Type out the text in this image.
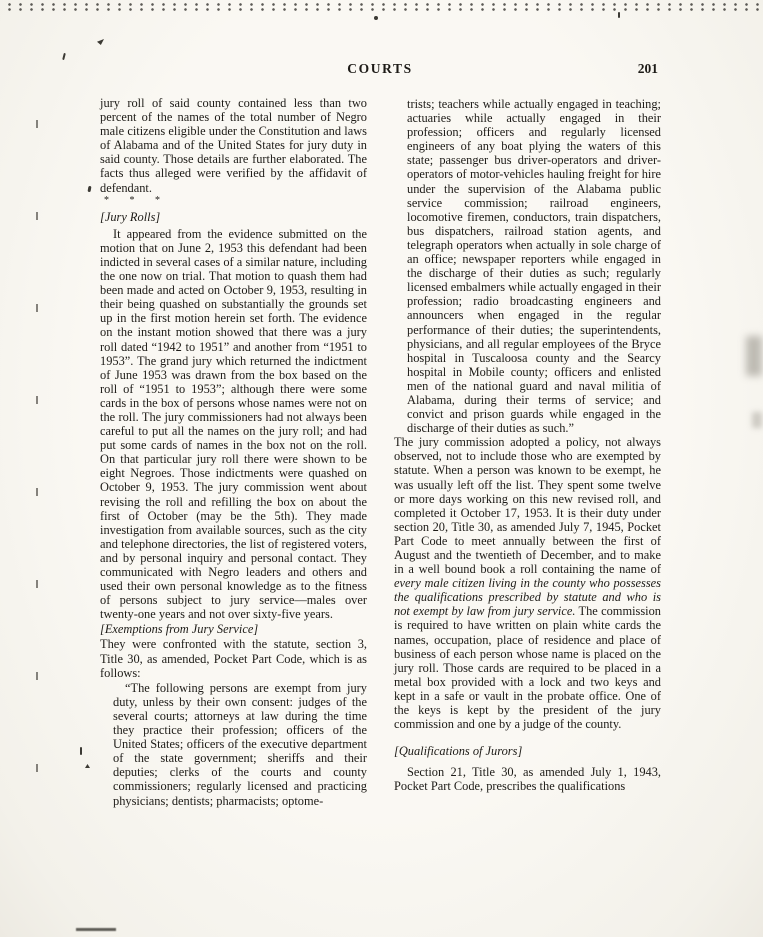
COURTS	201

jury roll of said county contained less than two percent of the names of the total number of Negro male citizens eligible under the Constitution and laws of Alabama and of the United States for jury duty in said county. Those details are further elaborated. The facts thus alleged were verified by the affidavit of defendant.

* * *

[Jury Rolls]

It appeared from the evidence submitted on the motion that on June 2, 1953 this defendant had been indicted in several cases of a similar nature, including the one now on trial. That motion to quash them had been made and acted on October 9, 1953, resulting in their being quashed on substantially the grounds set up in the first motion herein set forth. The evidence on the instant motion showed that there was a jury roll dated “1942 to 1951” and another from “1951 to 1953”. The grand jury which returned the indictment of June 1953 was drawn from the box based on the roll of “1951 to 1953”; although there were some cards in the box of persons whose names were not on the roll. The jury commissioners had not always been careful to put all the names on the jury roll; and had put some cards of names in the box not on the roll. On that particular jury roll there were shown to be eight Negroes. Those indictments were quashed on October 9, 1953. The jury commission went about revising the roll and refilling the box on about the first of October (may be the 5th). They made investigation from available sources, such as the city and telephone directories, the list of registered voters, and by personal inquiry and personal contact. They communicated with Negro leaders and others and used their own personal knowledge as to the fitness of persons subject to jury service—males over twenty-one years and not over sixty-five years.

[Exemptions from Jury Service]

They were confronted with the statute, section 3, Title 30, as amended, Pocket Part Code, which is as follows:

“The following persons are exempt from jury duty, unless by their own consent: judges of the several courts; attorneys at law during the time they practice their profession; officers of the United States; officers of the executive department of the state government; sheriffs and their deputies; clerks of the courts and county commissioners; regularly licensed and practicing physicians; dentists; pharmacists; optome-

trists; teachers while actually engaged in teaching; actuaries while actually engaged in their profession; officers and regularly licensed engineers of any boat plying the waters of this state; passenger bus driver-operators and driver-operators of motor-vehicles hauling freight for hire under the supervision of the Alabama public service commission; railroad engineers, locomotive firemen, conductors, train dispatchers, bus dispatchers, railroad station agents, and telegraph operators when actually in sole charge of an office; newspaper reporters while engaged in the discharge of their duties as such; regularly licensed embalmers while actually engaged in their profession; radio broadcasting engineers and announcers when engaged in the regular performance of their duties; the superintendents, physicians, and all regular employees of the Bryce hospital in Tuscaloosa county and the Searcy hospital in Mobile county; officers and enlisted men of the national guard and naval militia of Alabama, during their terms of service; and convict and prison guards while engaged in the discharge of their duties as such.”

The jury commission adopted a policy, not always observed, not to include those who are exempted by statute. When a person was known to be exempt, he was usually left off the list. They spent some twelve or more days working on this new revised roll, and completed it October 17, 1953. It is their duty under section 20, Title 30, as amended July 7, 1945, Pocket Part Code to meet annually between the first of August and the twentieth of December, and to make in a well bound book a roll containing the name of every male citizen living in the county who possesses the qualifications prescribed by statute and who is not exempt by law from jury service. The commission is required to have written on plain white cards the names, occupation, place of residence and place of business of each person whose name is placed on the jury roll. Those cards are required to be placed in a metal box provided with a lock and two keys and kept in a safe or vault in the probate office. One of the keys is kept by the president of the jury commission and one by a judge of the county.

[Qualifications of Jurors]

Section 21, Title 30, as amended July 1, 1943, Pocket Part Code, prescribes the qualifications
